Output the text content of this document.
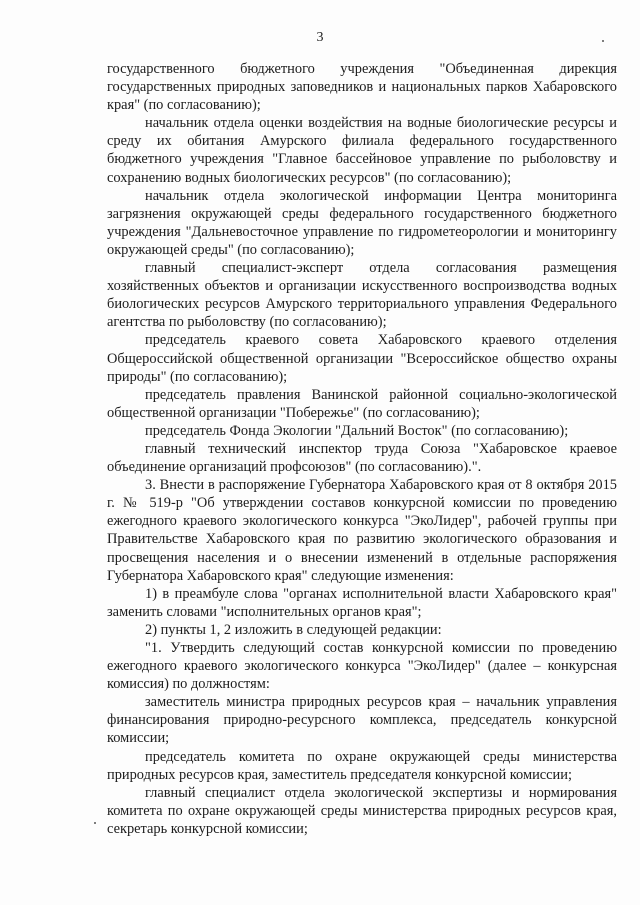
3

государственного бюджетного учреждения "Объединенная дирекция государственных природных заповедников и национальных парков Хабаровского края" (по согласованию);

начальник отдела оценки воздействия на водные биологические ресурсы и среду их обитания Амурского филиала федерального государственного бюджетного учреждения "Главное бассейновое управление по рыболовству и сохранению водных биологических ресурсов" (по согласованию);

начальник отдела экологической информации Центра мониторинга загрязнения окружающей среды федерального государственного бюджетного учреждения "Дальневосточное управление по гидрометеорологии и мониторингу окружающей среды" (по согласованию);

главный специалист-эксперт отдела согласования размещения хозяйственных объектов и организации искусственного воспроизводства водных биологических ресурсов Амурского территориального управления Федерального агентства по рыболовству (по согласованию);

председатель краевого совета Хабаровского краевого отделения Общероссийской общественной организации "Всероссийское общество охраны природы" (по согласованию);

председатель правления Ванинской районной социально-экологической общественной организации "Побережье" (по согласованию);

председатель Фонда Экологии "Дальний Восток" (по согласованию);

главный технический инспектор труда Союза "Хабаровское краевое объединение организаций профсоюзов" (по согласованию).".

3. Внести в распоряжение Губернатора Хабаровского края от 8 октября 2015 г. № 519-р "Об утверждении составов конкурсной комиссии по проведению ежегодного краевого экологического конкурса "ЭкоЛидер", рабочей группы при Правительстве Хабаровского края по развитию экологического образования и просвещения населения и о внесении изменений в отдельные распоряжения Губернатора Хабаровского края" следующие изменения:

1) в преамбуле слова "органах исполнительной власти Хабаровского края" заменить словами "исполнительных органов края";

2) пункты 1, 2 изложить в следующей редакции:

"1. Утвердить следующий состав конкурсной комиссии по проведению ежегодного краевого экологического конкурса "ЭкоЛидер" (далее – конкурсная комиссия) по должностям:

заместитель министра природных ресурсов края – начальник управления финансирования природно-ресурсного комплекса, председатель конкурсной комиссии;

председатель комитета по охране окружающей среды министерства природных ресурсов края, заместитель председателя конкурсной комиссии;

главный специалист отдела экологической экспертизы и нормирования комитета по охране окружающей среды министерства природных ресурсов края, секретарь конкурсной комиссии;
